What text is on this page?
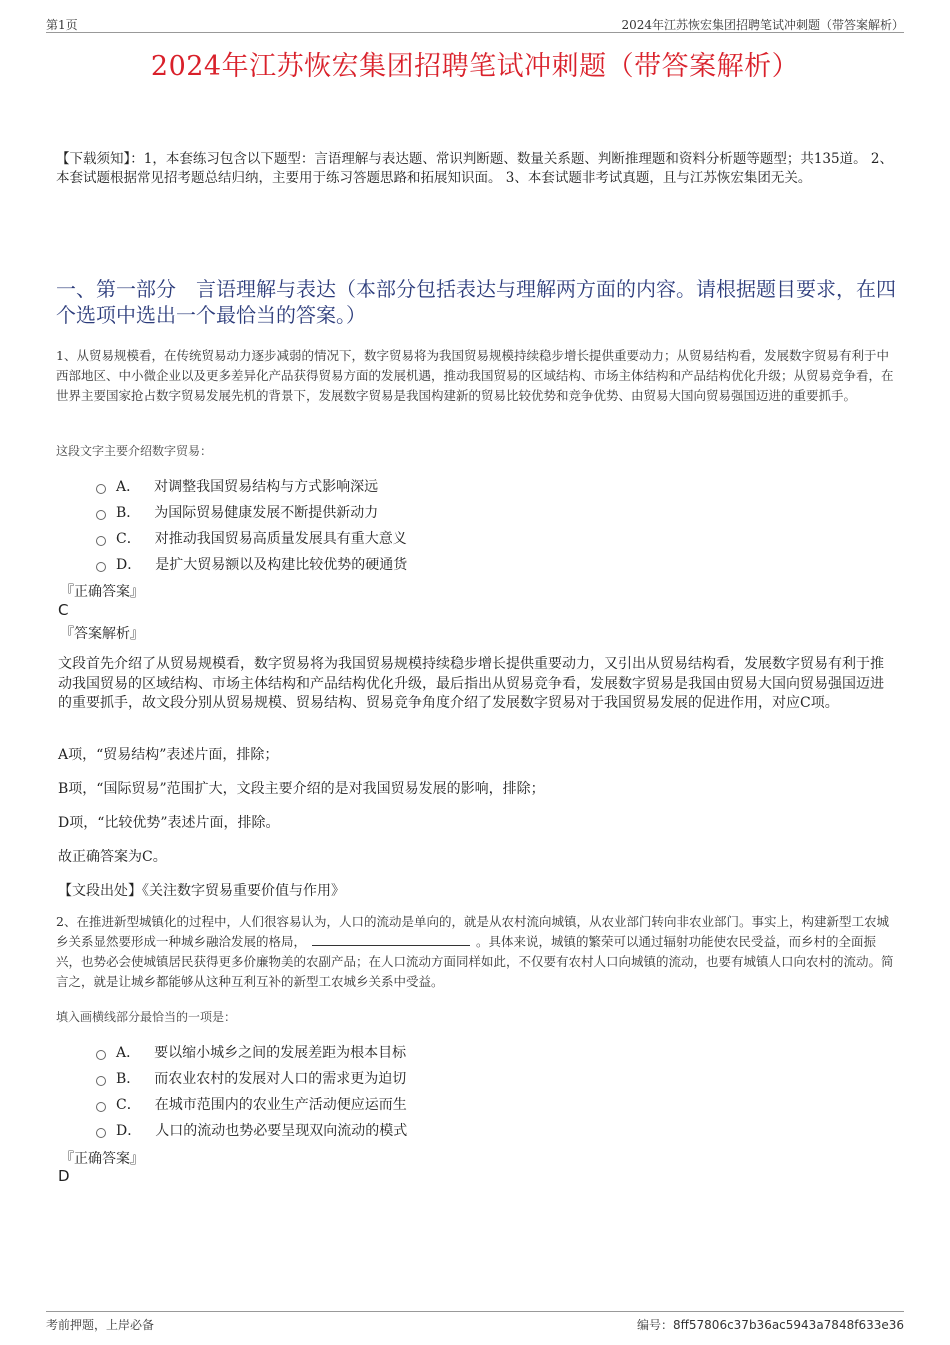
第1页	2024年江苏恢宏集团招聘笔试冲刺题（带答案解析）
2024年江苏恢宏集团招聘笔试冲刺题（带答案解析）
【下载须知】：1，本套练习包含以下题型：言语理解与表达题、常识判断题、数量关系题、判断推理题和资料分析题等题型；共135道。 2、本套试题根据常见招考题总结归纳，主要用于练习答题思路和拓展知识面。 3、本套试题非考试真题，且与江苏恢宏集团无关。
一、第一部分　言语理解与表达（本部分包括表达与理解两方面的内容。请根据题目要求，在四个选项中选出一个最恰当的答案。）
1、从贸易规模看，在传统贸易动力逐步减弱的情况下，数字贸易将为我国贸易规模持续稳步增长提供重要动力；从贸易结构看，发展数字贸易有利于中西部地区、中小微企业以及更多差异化产品获得贸易方面的发展机遇，推动我国贸易的区域结构、市场主体结构和产品结构优化升级；从贸易竞争看，在世界主要国家抢占数字贸易发展先机的背景下，发展数字贸易是我国构建新的贸易比较优势和竞争优势、由贸易大国向贸易强国迈进的重要抓手。
这段文字主要介绍数字贸易：
A． 对调整我国贸易结构与方式影响深远
B． 为国际贸易健康发展不断提供新动力
C． 对推动我国贸易高质量发展具有重大意义
D． 是扩大贸易额以及构建比较优势的硬通货
『正确答案』
C
『答案解析』
文段首先介绍了从贸易规模看，数字贸易将为我国贸易规模持续稳步增长提供重要动力，又引出从贸易结构看，发展数字贸易有利于推动我国贸易的区域结构、市场主体结构和产品结构优化升级，最后指出从贸易竞争看，发展数字贸易是我国由贸易大国向贸易强国迈进的重要抓手，故文段分别从贸易规模、贸易结构、贸易竞争角度介绍了发展数字贸易对于我国贸易发展的促进作用，对应C项。
A项，“贸易结构”表述片面，排除；
B项，“国际贸易”范围扩大，文段主要介绍的是对我国贸易发展的影响，排除；
D项，“比较优势”表述片面，排除。
故正确答案为C。
【文段出处】《关注数字贸易重要价值与作用》
2、在推进新型城镇化的过程中，人们很容易认为，人口的流动是单向的，就是从农村流向城镇，从农业部门转向非农业部门。事实上，构建新型工农城乡关系显然要形成一种城乡融洽发展的格局，	。具体来说，城镇的繁荣可以通过辐射功能使农民受益，而乡村的全面振兴，也势必会使城镇居民获得更多价廉物美的农副产品；在人口流动方面同样如此，不仅要有农村人口向城镇的流动，也要有城镇人口向农村的流动。简言之，就是让城乡都能够从这种互利互补的新型工农城乡关系中受益。
填入画横线部分最恰当的一项是：
A． 要以缩小城乡之间的发展差距为根本目标
B． 而农业农村的发展对人口的需求更为迫切
C． 在城市范围内的农业生产活动便应运而生
D． 人口的流动也势必要呈现双向流动的模式
『正确答案』
D
考前押题，上岸必备	编号：8ff57806c37b36ac5943a7848f633e36
